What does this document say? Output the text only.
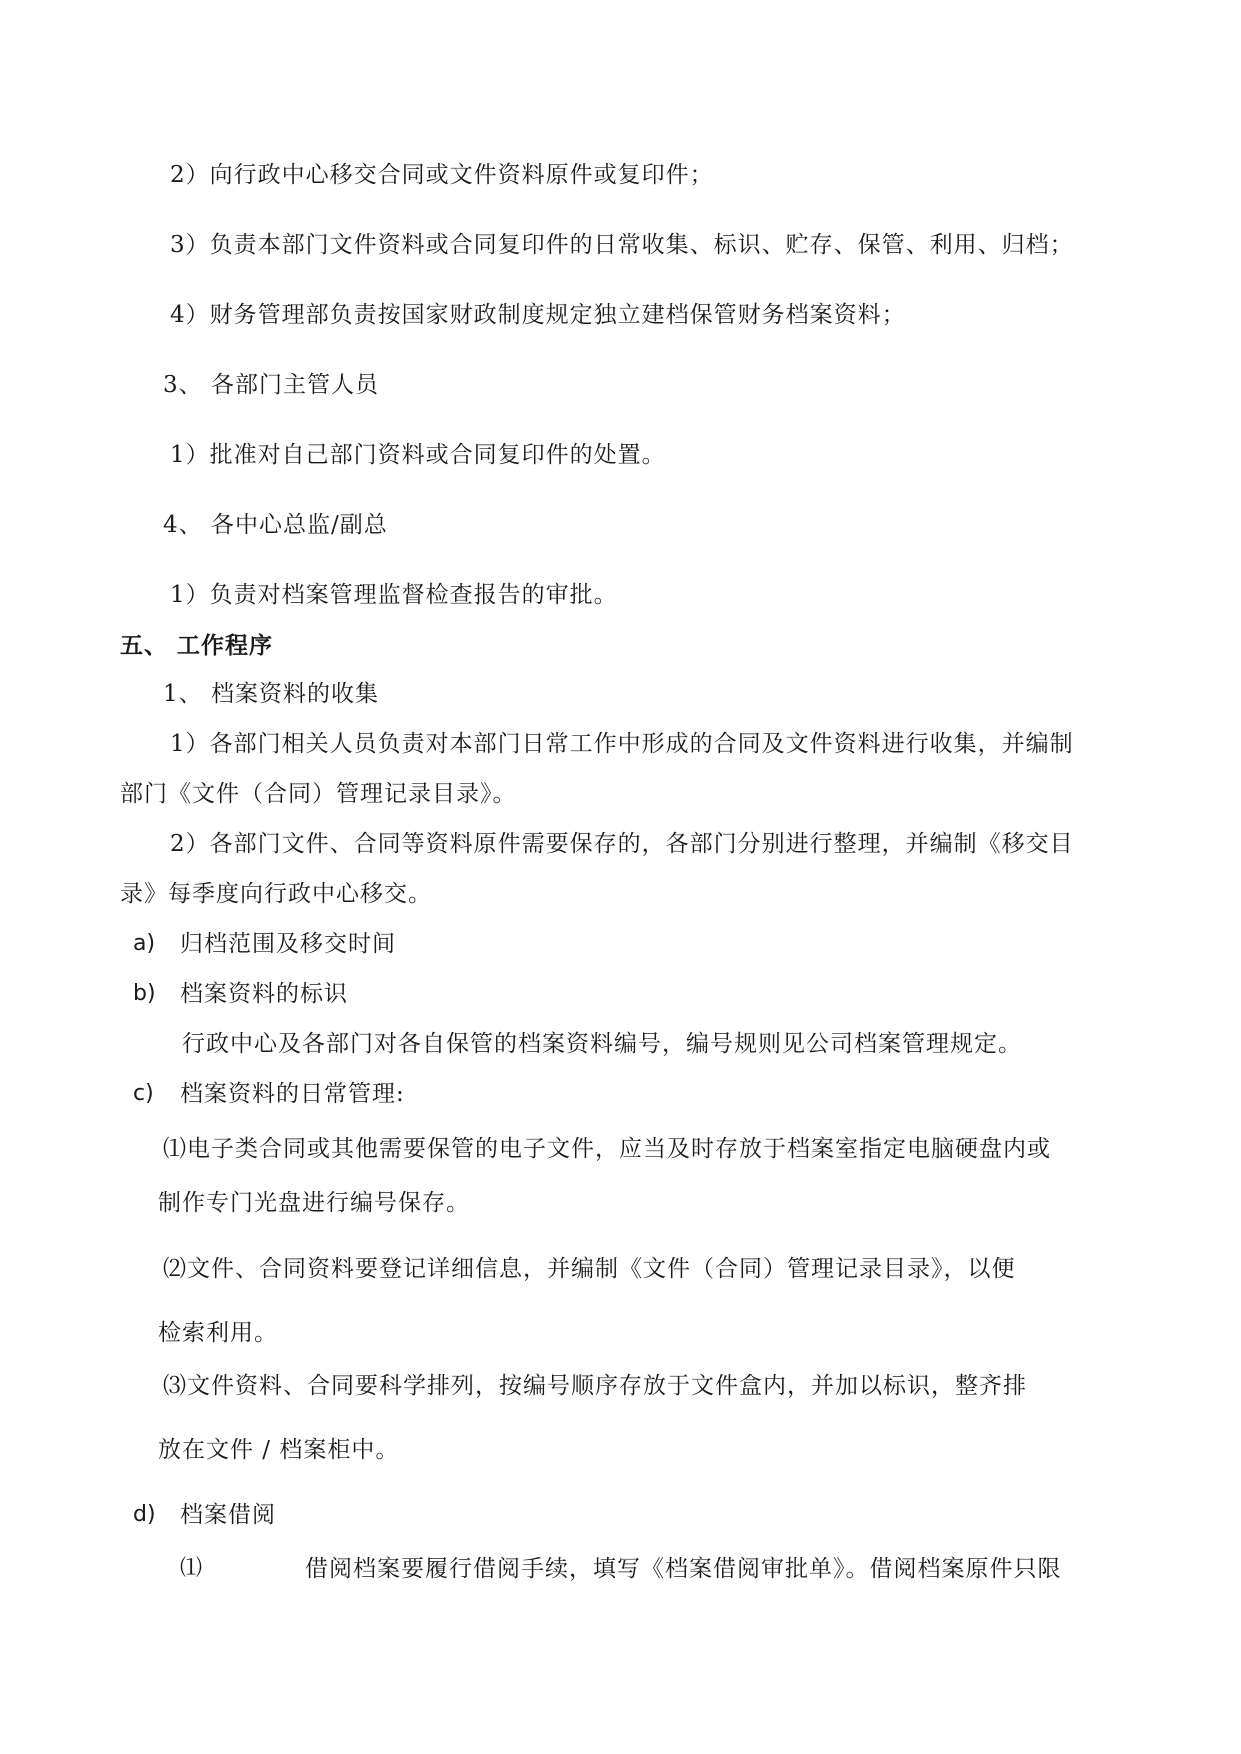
2）向行政中心移交合同或文件资料原件或复印件；
3）负责本部门文件资料或合同复印件的日常收集、标识、贮存、保管、利用、归档；
4）财务管理部负责按国家财政制度规定独立建档保管财务档案资料；
3、 各部门主管人员
1）批准对自己部门资料或合同复印件的处置。
4、 各中心总监/副总
1）负责对档案管理监督检查报告的审批。
五、 工作程序
1、 档案资料的收集
1）各部门相关人员负责对本部门日常工作中形成的合同及文件资料进行收集，并编制
部门《文件（合同）管理记录目录》。
2）各部门文件、合同等资料原件需要保存的，各部门分别进行整理，并编制《移交目
录》每季度向行政中心移交。
a) 归档范围及移交时间
b) 档案资料的标识
行政中心及各部门对各自保管的档案资料编号，编号规则见公司档案管理规定。
c) 档案资料的日常管理:
⑴电子类合同或其他需要保管的电子文件，应当及时存放于档案室指定电脑硬盘内或
制作专门光盘进行编号保存。
⑵文件、合同资料要登记详细信息，并编制《文件（合同）管理记录目录》，以便
检索利用。
⑶文件资料、合同要科学排列，按编号顺序存放于文件盒内，并加以标识，整齐排
放在文件 / 档案柜中。
d) 档案借阅
⑴	借阅档案要履行借阅手续，填写《档案借阅审批单》。借阅档案原件只限
